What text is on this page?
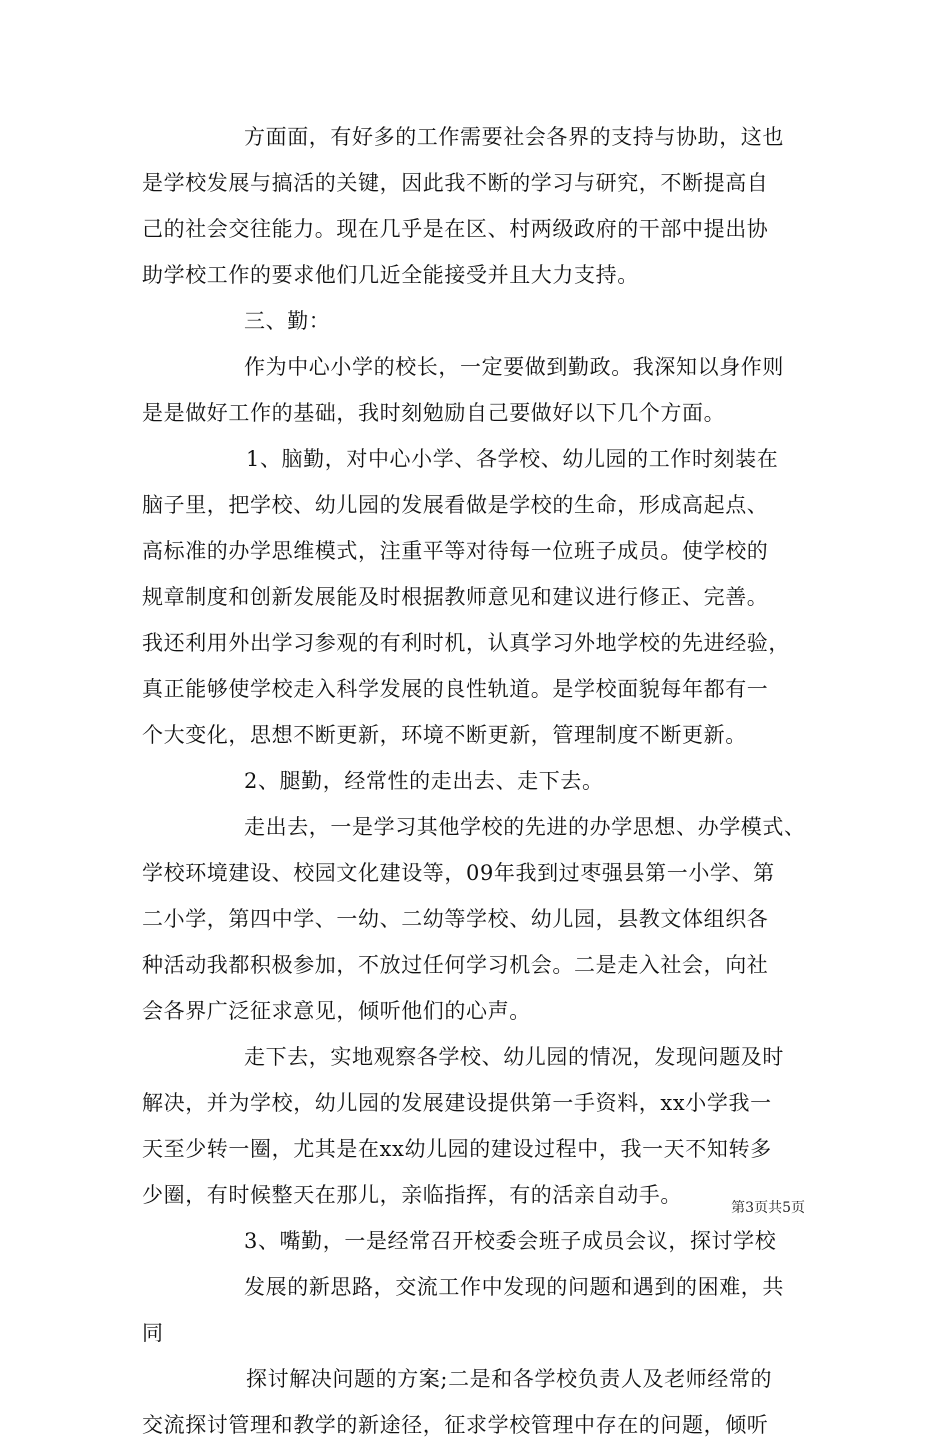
方面面，有好多的工作需要社会各界的支持与协助，这也
是学校发展与搞活的关键，因此我不断的学习与研究，不断提高自
己的社会交往能力。现在几乎是在区、村两级政府的干部中提出协
助学校工作的要求他们几近全能接受并且大力支持。
三、勤：
作为中心小学的校长，一定要做到勤政。我深知以身作则
是是做好工作的基础，我时刻勉励自己要做好以下几个方面。
1、脑勤，对中心小学、各学校、幼儿园的工作时刻装在
脑子里，把学校、幼儿园的发展看做是学校的生命，形成高起点、
高标准的办学思维模式，注重平等对待每一位班子成员。使学校的
规章制度和创新发展能及时根据教师意见和建议进行修正、完善。
我还利用外出学习参观的有利时机，认真学习外地学校的先进经验，
真正能够使学校走入科学发展的良性轨道。是学校面貌每年都有一
个大变化，思想不断更新，环境不断更新，管理制度不断更新。
2、腿勤，经常性的走出去、走下去。
走出去，一是学习其他学校的先进的办学思想、办学模式、
学校环境建设、校园文化建设等，09年我到过枣强县第一小学、第
二小学，第四中学、一幼、二幼等学校、幼儿园，县教文体组织各
种活动我都积极参加，不放过任何学习机会。二是走入社会，向社
会各界广泛征求意见，倾听他们的心声。
走下去，实地观察各学校、幼儿园的情况，发现问题及时
解决，并为学校，幼儿园的发展建设提供第一手资料，xx小学我一
天至少转一圈，尤其是在xx幼儿园的建设过程中，我一天不知转多
少圈，有时候整天在那儿，亲临指挥，有的活亲自动手。
3、嘴勤，一是经常召开校委会班子成员会议，探讨学校
发展的新思路，交流工作中发现的问题和遇到的困难，共
同
探讨解决问题的方案;二是和各学校负责人及老师经常的
交流探讨管理和教学的新途径，征求学校管理中存在的问题，倾听
第3页共5页
